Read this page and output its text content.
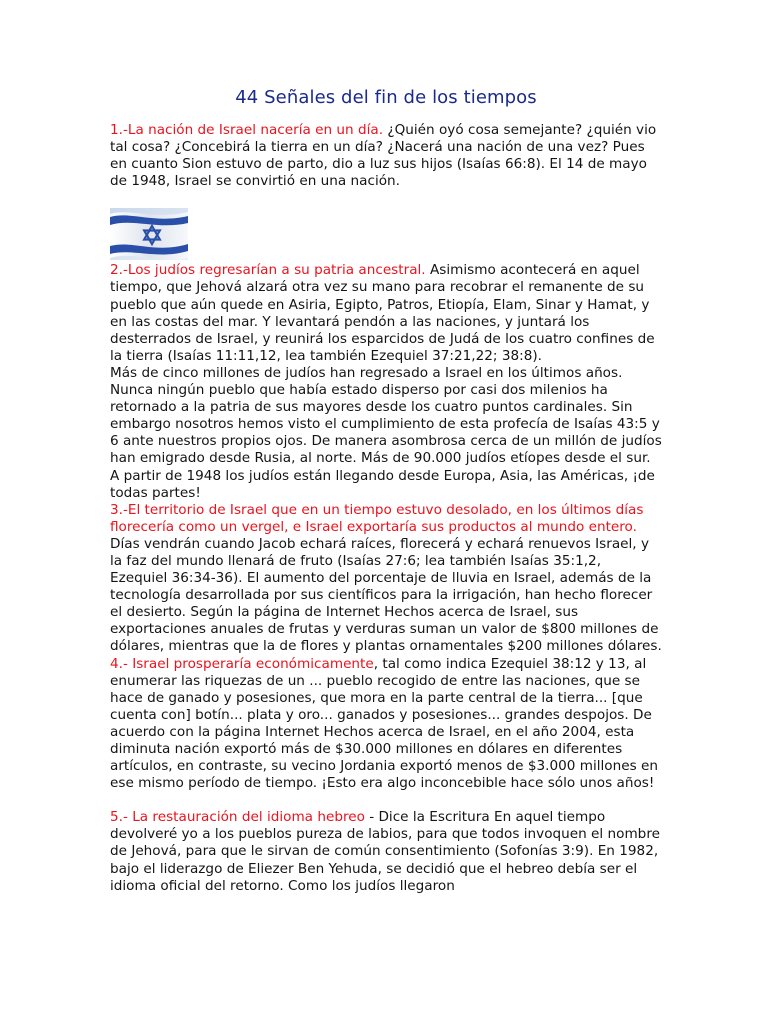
44 Señales del fin de los tiempos

1.-La nación de Israel nacería en un día. ¿Quién oyó cosa semejante? ¿quién vio tal cosa? ¿Concebirá la tierra en un día? ¿Nacerá una nación de una vez? Pues en cuanto Sion estuvo de parto, dio a luz sus hijos (Isaías 66:8). El 14 de mayo de 1948, Israel se convirtió en una nación.

2.-Los judíos regresarían a su patria ancestral. Asimismo acontecerá en aquel tiempo, que Jehová alzará otra vez su mano para recobrar el remanente de su pueblo que aún quede en Asiria, Egipto, Patros, Etiopía, Elam, Sinar y Hamat, y en las costas del mar. Y levantará pendón a las naciones, y juntará los desterrados de Israel, y reunirá los esparcidos de Judá de los cuatro confines de la tierra (Isaías 11:11,12, lea también Ezequiel 37:21,22; 38:8).

Más de cinco millones de judíos han regresado a Israel en los últimos años. Nunca ningún pueblo que había estado disperso por casi dos milenios ha retornado a la patria de sus mayores desde los cuatro puntos cardinales. Sin embargo nosotros hemos visto el cumplimiento de esta profecía de Isaías 43:5 y 6 ante nuestros propios ojos. De manera asombrosa cerca de un millón de judíos han emigrado desde Rusia, al norte. Más de 90.000 judíos etíopes desde el sur. A partir de 1948 los judíos están llegando desde Europa, Asia, las Américas, ¡de todas partes!

3.-El territorio de Israel que en un tiempo estuvo desolado, en los últimos días florecería como un vergel, e Israel exportaría sus productos al mundo entero. Días vendrán cuando Jacob echará raíces, florecerá y echará renuevos Israel, y la faz del mundo llenará de fruto (Isaías 27:6; lea también Isaías 35:1,2, Ezequiel 36:34-36). El aumento del porcentaje de lluvia en Israel, además de la tecnología desarrollada por sus científicos para la irrigación, han hecho florecer el desierto. Según la página de Internet Hechos acerca de Israel, sus exportaciones anuales de frutas y verduras suman un valor de $800 millones de dólares, mientras que la de flores y plantas ornamentales $200 millones dólares.

4.- Israel prosperaría económicamente, tal como indica Ezequiel 38:12 y 13, al enumerar las riquezas de un ... pueblo recogido de entre las naciones, que se hace de ganado y posesiones, que mora en la parte central de la tierra... [que cuenta con] botín... plata y oro... ganados y posesiones... grandes despojos. De acuerdo con la página Internet Hechos acerca de Israel, en el año 2004, esta diminuta nación exportó más de $30.000 millones en dólares en diferentes artículos, en contraste, su vecino Jordania exportó menos de $3.000 millones en ese mismo período de tiempo. ¡Esto era algo inconcebible hace sólo unos años!

5.- La restauración del idioma hebreo - Dice la Escritura En aquel tiempo devolveré yo a los pueblos pureza de labios, para que todos invoquen el nombre de Jehová, para que le sirvan de común consentimiento (Sofonías 3:9). En 1982, bajo el liderazgo de Eliezer Ben Yehuda, se decidió que el hebreo debía ser el idioma oficial del retorno. Como los judíos llegaron
